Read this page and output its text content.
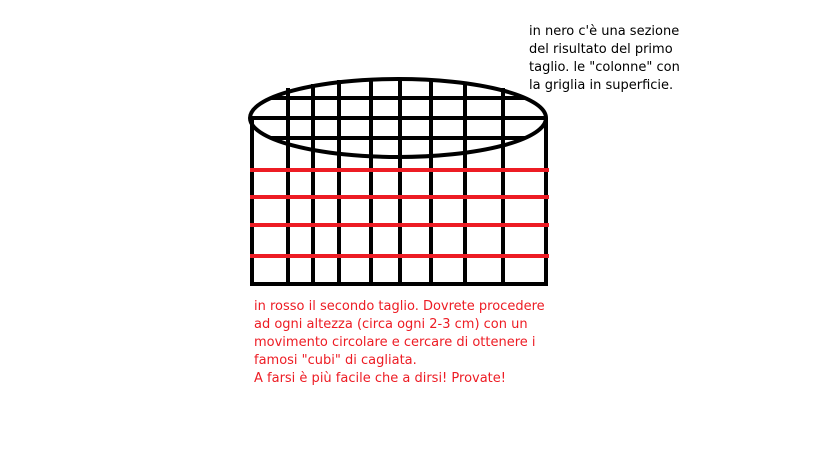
in nero c'è una sezione
del risultato del primo
taglio. le "colonne" con
la griglia in superficie.

in rosso il secondo taglio. Dovrete procedere
ad ogni altezza (circa ogni 2-3 cm) con un
movimento circolare e cercare di ottenere i
famosi "cubi" di cagliata.
A farsi è più facile che a dirsi! Provate!
